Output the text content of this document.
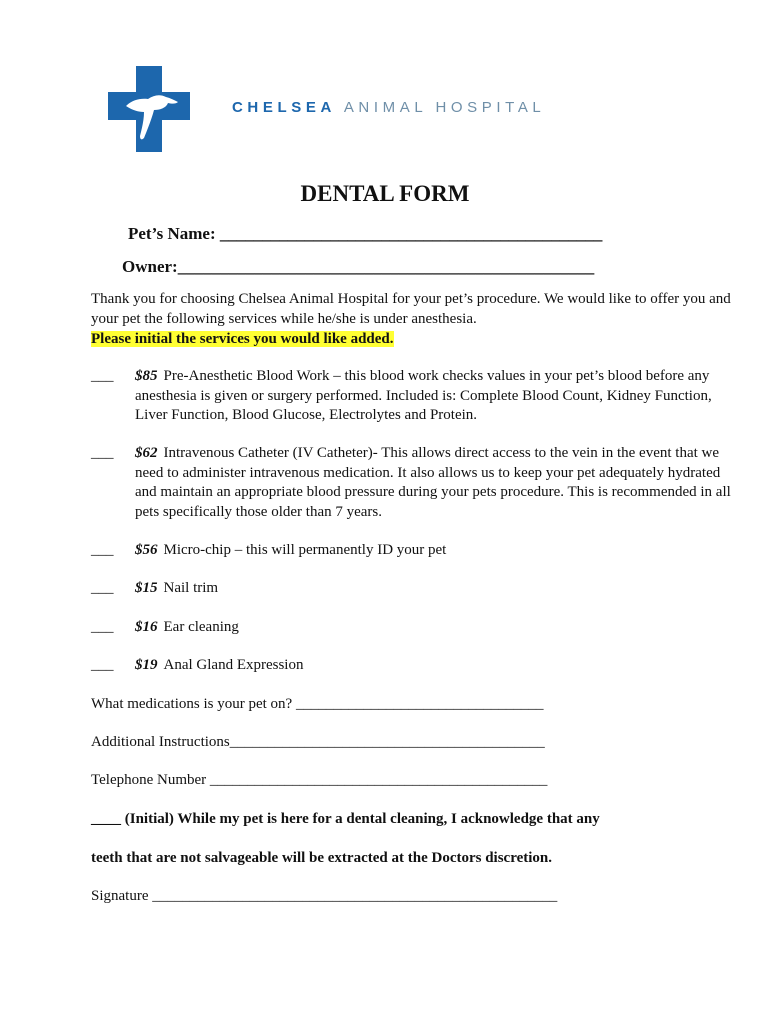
CHELSEA ANIMAL HOSPITAL
DENTAL FORM
Pet’s Name: _____________________________________________
Owner:_________________________________________________
Thank you for choosing Chelsea Animal Hospital for your pet’s procedure. We would like to offer you and your pet the following services while he/she is under anesthesia.
Please initial the services you would like added.
___ $85 Pre-Anesthetic Blood Work – this blood work checks values in your pet’s blood before any anesthesia is given or surgery performed. Included is: Complete Blood Count, Kidney Function, Liver Function, Blood Glucose, Electrolytes and Protein.
___ $62 Intravenous Catheter (IV Catheter)- This allows direct access to the vein in the event that we need to administer intravenous medication. It also allows us to keep your pet adequately hydrated and maintain an appropriate blood pressure during your pets procedure. This is recommended in all pets specifically those older than 7 years.
___ $56 Micro-chip – this will permanently ID your pet
___ $15 Nail trim
___ $16 Ear cleaning
___ $19 Anal Gland Expression
What medications is your pet on? _________________________________
Additional Instructions__________________________________________
Telephone Number _____________________________________________
____ (Initial) While my pet is here for a dental cleaning, I acknowledge that any
teeth that are not salvageable will be extracted at the Doctors discretion.
Signature ______________________________________________________
